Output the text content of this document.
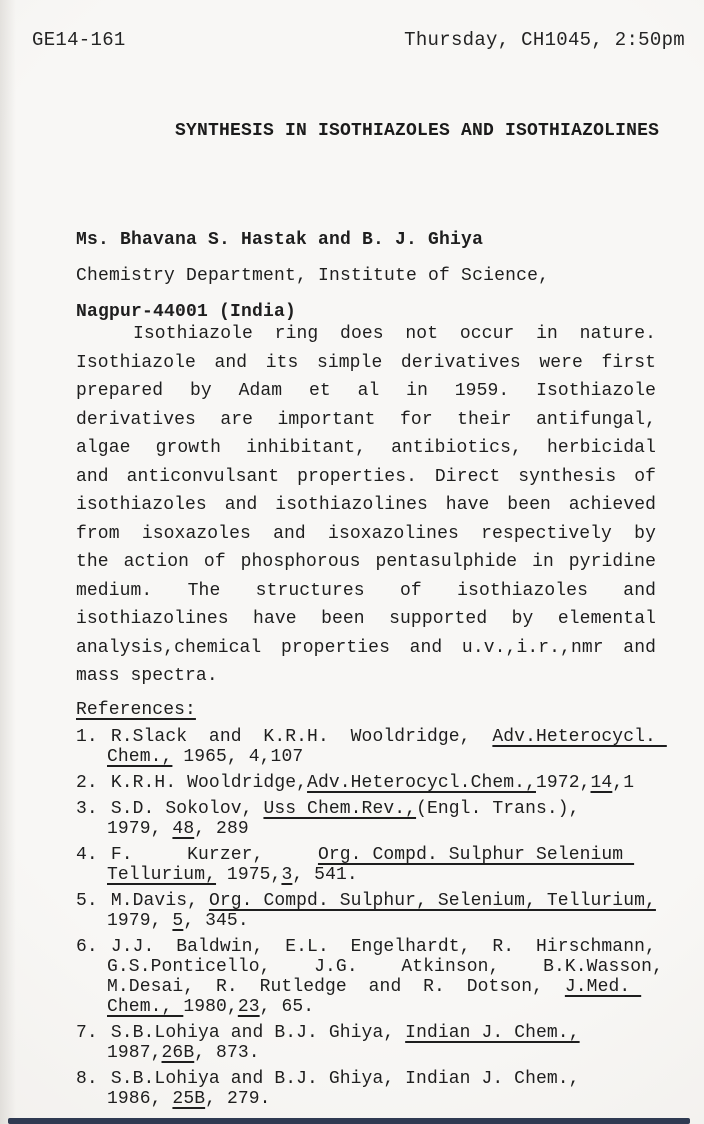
GE14-161	Thursday, CH1045, 2:50pm
SYNTHESIS IN ISOTHIAZOLES AND ISOTHIAZOLINES
Ms. Bhavana S. Hastak and B. J. Ghiya
Chemistry Department, Institute of Science,
Nagpur-44001 (India)
Isothiazole ring does not occur in nature.
Isothiazole and its simple derivatives were first
prepared by Adam et al in 1959. Isothiazole
derivatives are important for their antifungal,
algae growth inhibitant, antibiotics, herbicidal
and anticonvulsant properties. Direct synthesis of
isothiazoles and isothiazolines have been achieved
from isoxazoles and isoxazolines respectively by
the action of phosphorous pentasulphide in pyridine
medium. The structures of isothiazoles and
isothiazolines have been supported by elemental
analysis,chemical properties and u.v.,i.r.,nmr and
mass spectra.
References:
1. R.Slack  and  K.R.H.  Wooldridge,  Adv.Heterocycl.
Chem., 1965, 4,107
2. K.R.H. Wooldridge,Adv.Heterocycl.Chem.,1972,14,1
3. S.D. Sokolov, Uss Chem.Rev.,(Engl. Trans.),
1979, 48, 289
4. F.     Kurzer,     Org. Compd. Sulphur Selenium
Tellurium, 1975,3, 541.
5. M.Davis, Org. Compd. Sulphur, Selenium, Tellurium,
1979, 5, 345.
6. J.J.  Baldwin,  E.L.  Engelhardt,  R.  Hirschmann,
G.S.Ponticello,    J.G.    Atkinson,    B.K.Wasson,
M.Desai,  R.  Rutledge  and  R.  Dotson,  J.Med.
Chem., 1980,23, 65.
7. S.B.Lohiya and B.J. Ghiya, Indian J. Chem.,
1987,26B, 873.
8. S.B.Lohiya and B.J. Ghiya, Indian J. Chem.,
1986, 25B, 279.
